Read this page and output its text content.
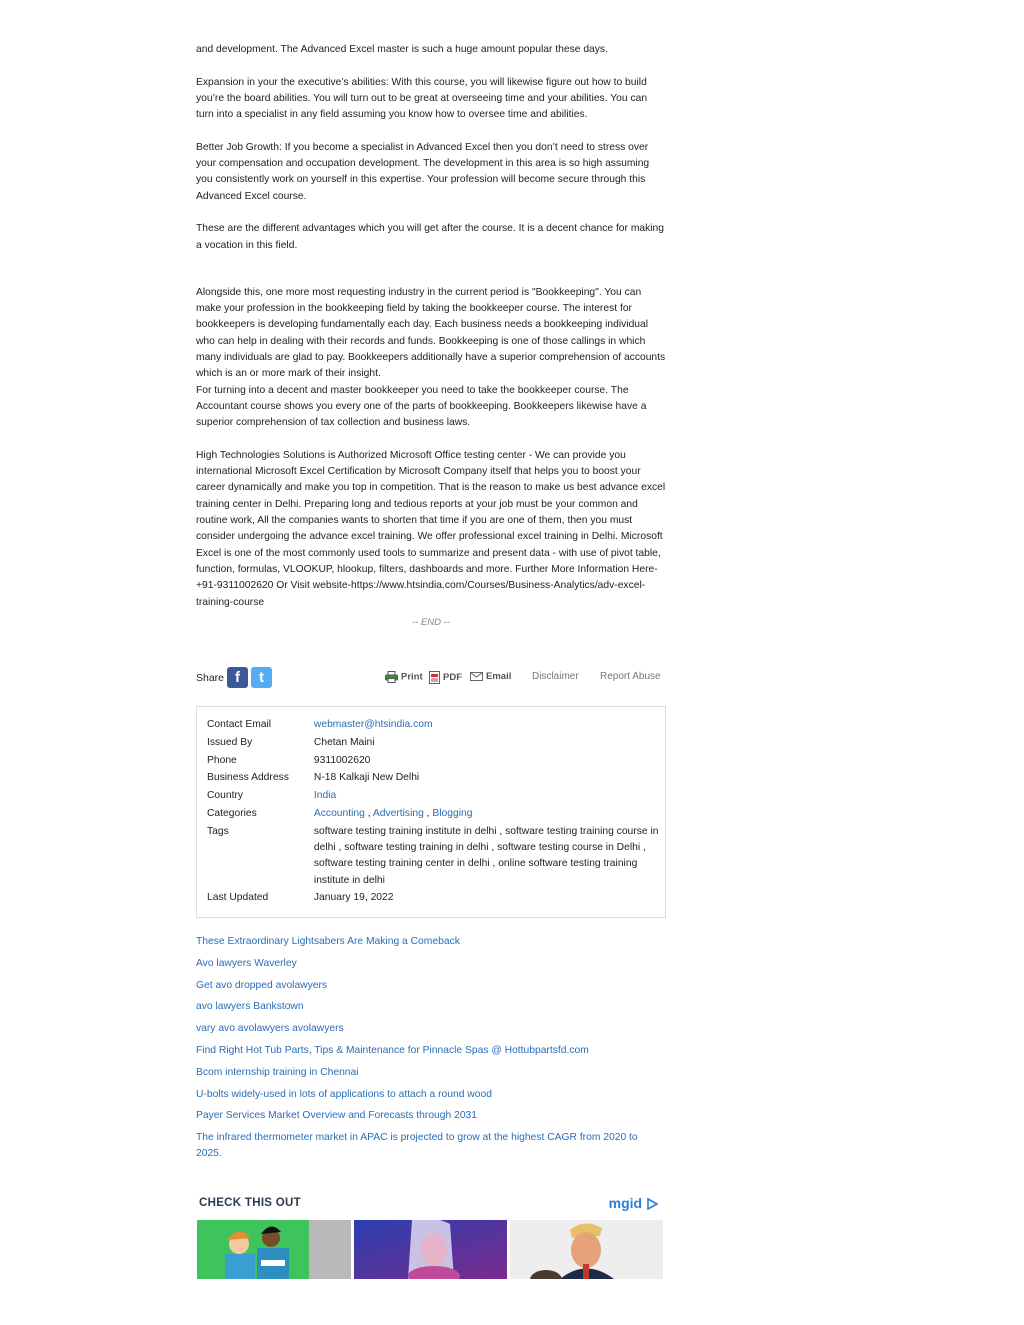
and development. The Advanced Excel master is such a huge amount popular these days.

Expansion in your the executive’s abilities: With this course, you will likewise figure out how to build you’re the board abilities. You will turn out to be great at overseeing time and your abilities. You can turn into a specialist in any field assuming you know how to oversee time and abilities.

Better Job Growth: If you become a specialist in Advanced Excel then you don’t need to stress over your compensation and occupation development. The development in this area is so high assuming you consistently work on yourself in this expertise. Your profession will become secure through this Advanced Excel course.

These are the different advantages which you will get after the course. It is a decent chance for making a vocation in this field.

Alongside this, one more most requesting industry in the current period is "Bookkeeping". You can make your profession in the bookkeeping field by taking the bookkeeper course. The interest for bookkeepers is developing fundamentally each day. Each business needs a bookkeeping individual who can help in dealing with their records and funds. Bookkeeping is one of those callings in which many individuals are glad to pay. Bookkeepers additionally have a superior comprehension of accounts which is an or more mark of their insight.

For turning into a decent and master bookkeeper you need to take the bookkeeper course. The Accountant course shows you every one of the parts of bookkeeping. Bookkeepers likewise have a superior comprehension of tax collection and business laws.

High Technologies Solutions is Authorized Microsoft Office testing center - We can provide you international Microsoft Excel Certification by Microsoft Company itself that helps you to boost your career dynamically and make you top in competition. That is the reason to make us best advance excel training center in Delhi. Preparing long and tedious reports at your job must be your common and routine work, All the companies wants to shorten that time if you are one of them, then you must consider undergoing the advance excel training. We offer professional excel training in Delhi. Microsoft Excel is one of the most commonly used tools to summarize and present data - with use of pivot table, function, formulas, VLOOKUP, hlookup, filters, dashboards and more. Further More Information Here-+91-9311002620 Or Visit website-https://www.htsindia.com/Courses/Business-Analytics/adv-excel-training-course

-- END --
Share f	t	Print	PDF	Email Disclaimer Report Abuse
Contact Email	webmaster@htsindia.com
Issued By	Chetan Maini
Phone	9311002620
Business Address	N-18 Kalkaji New Delhi
Country	India
Categories	Accounting , Advertising , Blogging
Tags	software testing training institute in delhi , software testing training course in delhi , software testing training in delhi , software testing course in Delhi , software testing training center in delhi , online software testing training institute in delhi
Last Updated	January 19, 2022
These Extraordinary Lightsabers Are Making a Comeback
Avo lawyers Waverley
Get avo dropped avolawyers
avo lawyers Bankstown
vary avo avolawyers avolawyers
Find Right Hot Tub Parts, Tips & Maintenance for Pinnacle Spas @ Hottubpartsfd.com
Bcom internship training in Chennai
U-bolts widely-used in lots of applications to attach a round wood
Payer Services Market Overview and Forecasts through 2031
The infrared thermometer market in APAC is projected to grow at the highest CAGR from 2020 to 2025.
CHECK THIS OUT	mgid
